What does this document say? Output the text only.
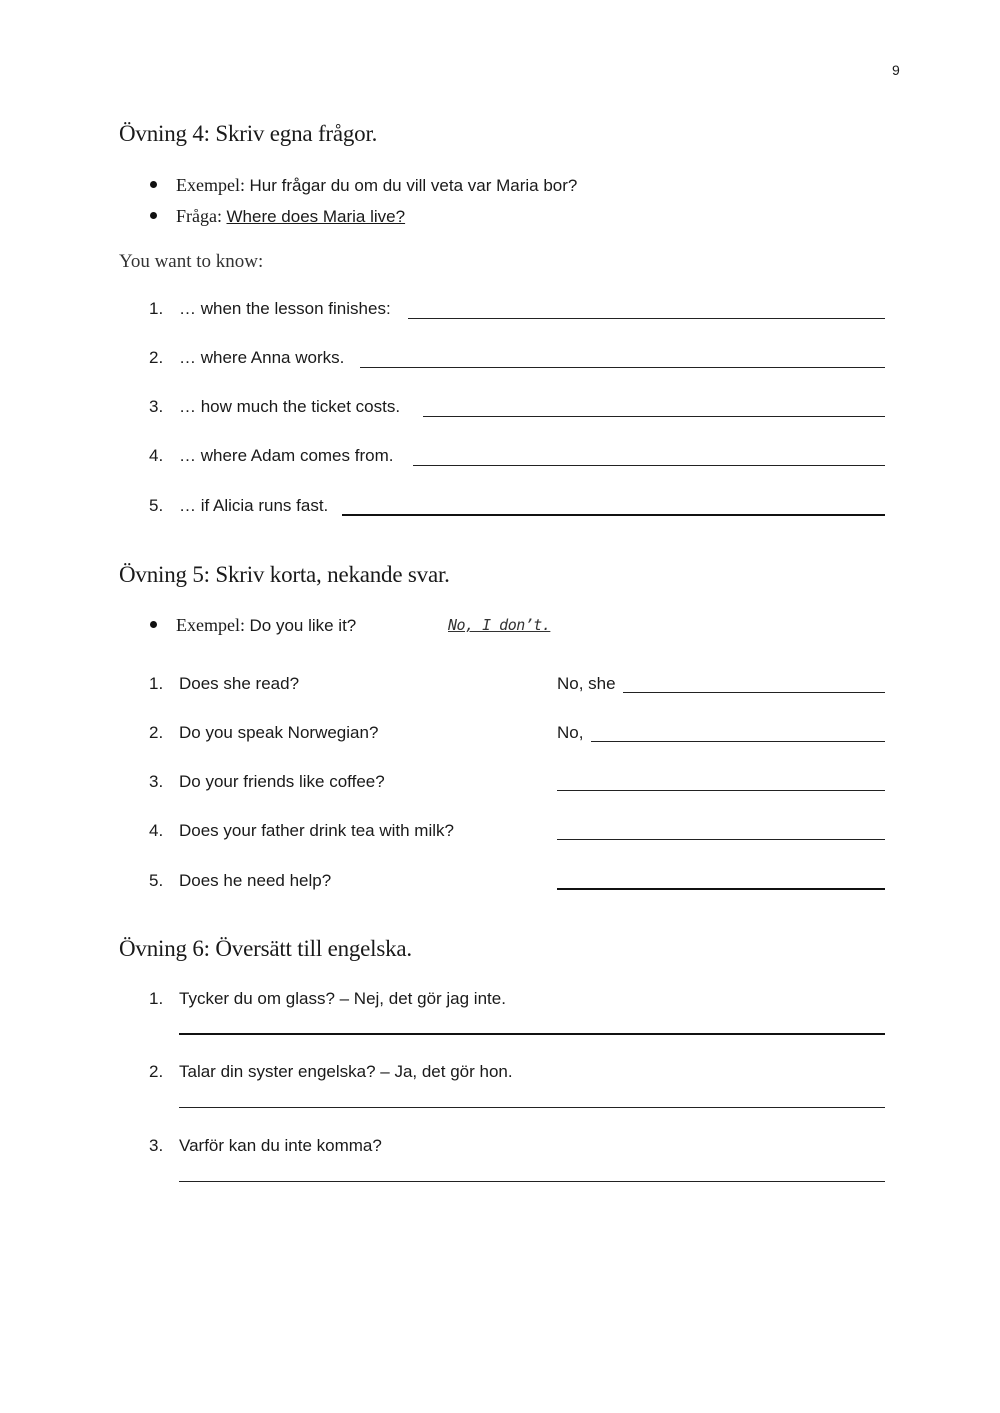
9
Övning 4: Skriv egna frågor.
Exempel: Hur frågar du om du vill veta var Maria bor?
Fråga: Where does Maria live?
You want to know:
1. … when the lesson finishes:
2. … where Anna works.
3. … how much the ticket costs.
4. … where Adam comes from.
5. … if Alicia runs fast.
Övning 5: Skriv korta, nekande svar.
Exempel: Do you like it?	No, I don’t.
1. Does she read?	No, she
2. Do you speak Norwegian?	No,
3. Do your friends like coffee?
4. Does your father drink tea with milk?
5. Does he need help?
Övning 6: Översätt till engelska.
1. Tycker du om glass? – Nej, det gör jag inte.
2. Talar din syster engelska? – Ja, det gör hon.
3. Varför kan du inte komma?
